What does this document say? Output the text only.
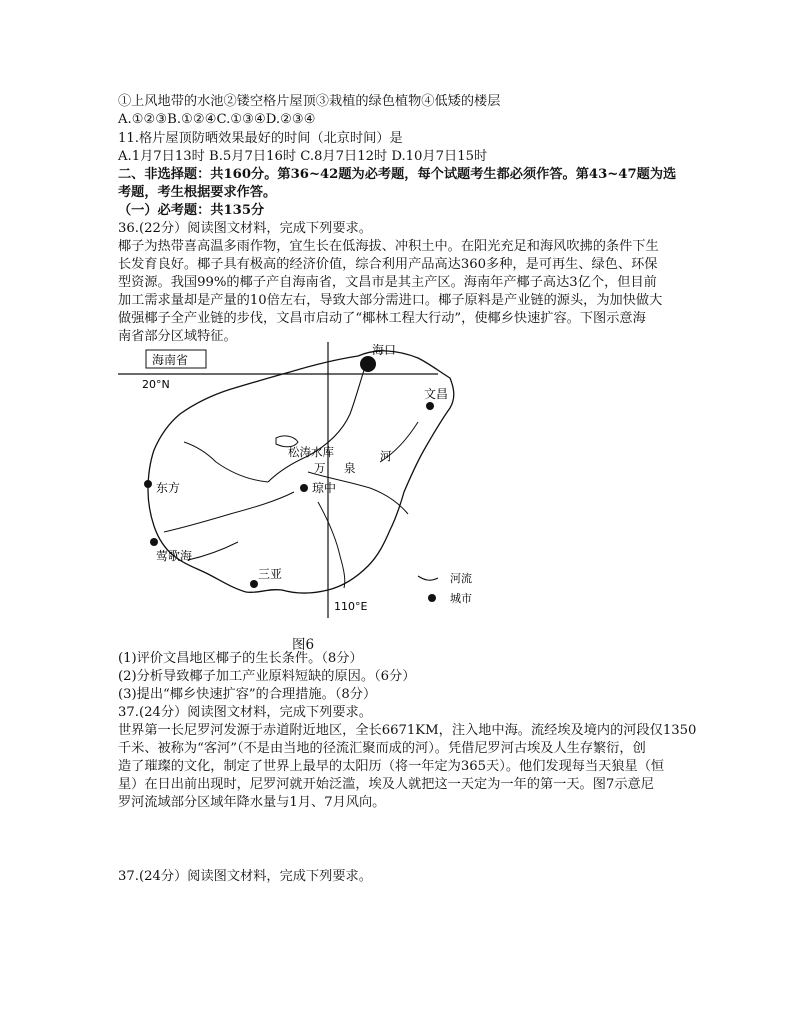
①上风地带的水池②镂空格片屋顶③栽植的绿色植物④低矮的楼层
A.①②③B.①②④C.①③④D.②③④
11.格片屋顶防晒效果最好的时间（北京时间）是
A.1月7日13时 B.5月7日16时 C.8月7日12时 D.10月7日15时
二、非选择题：共160分。第36~42题为必考题，每个试题考生都必须作答。第43~47题为选
考题，考生根据要求作答。
（一）必考题：共135分
36.(22分）阅读图文材料，完成下列要求。
椰子为热带喜高温多雨作物，宜生长在低海拔、冲积土中。在阳光充足和海风吹拂的条件下生
长发育良好。椰子具有极高的经济价值，综合利用产品高达360多种，是可再生、绿色、环保
型资源。我国99%的椰子产自海南省，文昌市是其主产区。海南年产椰子高达3亿个，但目前
加工需求量却是产量的10倍左右，导致大部分需进口。椰子原料是产业链的源头，为加快做大
做强椰子全产业链的步伐，文昌市启动了“椰林工程大行动”，使椰乡快速扩容。下图示意海
南省部分区域特征。
海南省
20°N
110°E
海口
文昌
东方	琼中
莺歌海
三亚
松涛水库
万 泉
河
河流
城市
图6
(1)评价文昌地区椰子的生长条件。（8分）
(2)分析导致椰子加工产业原料短缺的原因。（6分）
(3)提出“椰乡快速扩容”的合理措施。（8分）
37.(24分）阅读图文材料，完成下列要求。
世界第一长尼罗河发源于赤道附近地区，全长6671KM，注入地中海。流经埃及境内的河段仅1350
千米、被称为“客河”（不是由当地的径流汇聚而成的河）。凭借尼罗河古埃及人生存繁衍，创
造了璀璨的文化，制定了世界上最早的太阳历（将一年定为365天）。他们发现每当天狼星（恒
星）在日出前出现时，尼罗河就开始泛滥，埃及人就把这一天定为一年的第一天。图7示意尼
罗河流域部分区域年降水量与1月、7月风向。
37.(24分）阅读图文材料，完成下列要求。
